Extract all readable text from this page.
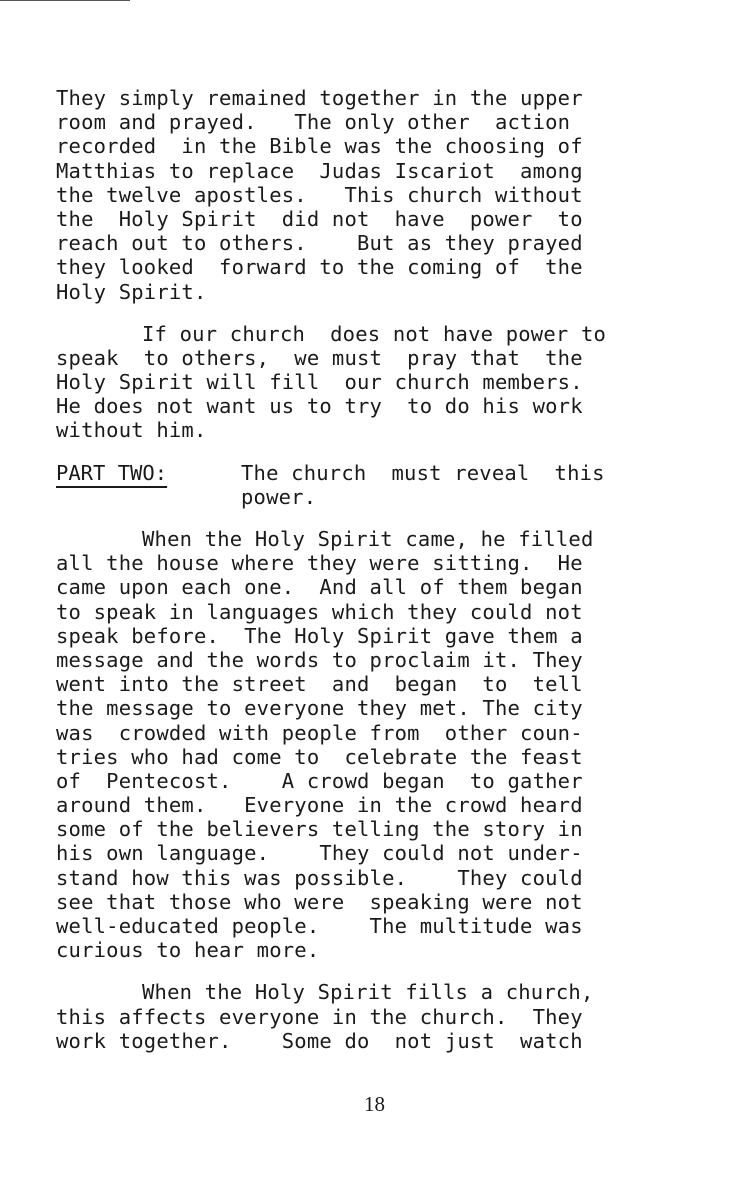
They simply remained together in the upper
room and prayed.   The only other  action
recorded  in the Bible was the choosing of
Matthias to replace  Judas Iscariot  among
the twelve apostles.   This church without
the  Holy Spirit  did not  have  power  to
reach out to others.    But as they prayed
they looked  forward to the coming of  the
Holy Spirit.
If our church  does not have power to
speak  to others,  we must  pray that  the
Holy Spirit will fill  our church members.
He does not want us to try  to do his work
without him.
PART TWO:	The church  must reveal  this
power.
When the Holy Spirit came, he filled
all the house where they were sitting.  He
came upon each one.  And all of them began
to speak in languages which they could not
speak before.  The Holy Spirit gave them a
message and the words to proclaim it. They
went into the street  and  began  to  tell
the message to everyone they met. The city
was  crowded with people from  other coun-
tries who had come to  celebrate the feast
of  Pentecost.    A crowd began  to gather
around them.   Everyone in the crowd heard
some of the believers telling the story in
his own language.    They could not under-
stand how this was possible.    They could
see that those who were  speaking were not
well-educated people.    The multitude was
curious to hear more.
When the Holy Spirit fills a church,
this affects everyone in the church.  They
work together.    Some do  not just  watch
18
